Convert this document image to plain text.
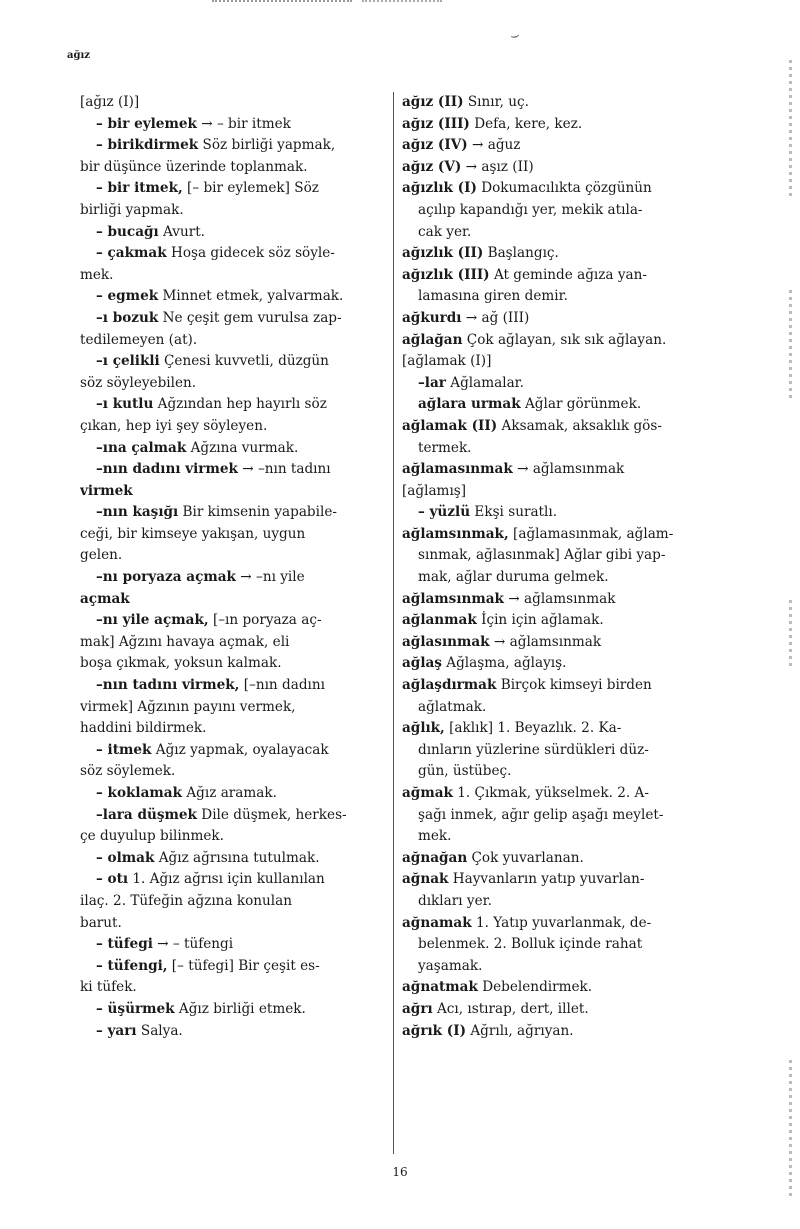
⌣
ağız
[ağız (I)]
– bir eylemek → – bir itmek
– birikdirmek Söz birliği yapmak,
bir düşünce üzerinde toplanmak.
– bir itmek, [– bir eylemek] Söz
birliği yapmak.
– bucağı Avurt.
– çakmak Hoşa gidecek söz söyle-
mek.
– egmek Minnet etmek, yalvarmak.
–ı bozuk Ne çeşit gem vurulsa zap-
tedilemeyen (at).
–ı çelikli Çenesi kuvvetli, düzgün
söz söyleyebilen.
–ı kutlu Ağzından hep hayırlı söz
çıkan, hep iyi şey söyleyen.
–ına çalmak Ağzına vurmak.
–nın dadını virmek → –nın tadını
virmek
–nın kaşığı Bir kimsenin yapabile-
ceği, bir kimseye yakışan, uygun
gelen.
–nı poryaza açmak → –nı yile
açmak
–nı yile açmak, [–ın poryaza aç-
mak] Ağzını havaya açmak, eli
boşa çıkmak, yoksun kalmak.
–nın tadını virmek, [–nın dadını
virmek] Ağzının payını vermek,
haddini bildirmek.
– itmek Ağız yapmak, oyalayacak
söz söylemek.
– koklamak Ağız aramak.
–lara düşmek Dile düşmek, herkes-
çe duyulup bilinmek.
– olmak Ağız ağrısına tutulmak.
– otı 1. Ağız ağrısı için kullanılan
ilaç. 2. Tüfeğin ağzına konulan
barut.
– tüfegi → – tüfengi
– tüfengi, [– tüfegi] Bir çeşit es-
ki tüfek.
– üşürmek Ağız birliği etmek.
– yarı Salya.
ağız (II) Sınır, uç.
ağız (III) Defa, kere, kez.
ağız (IV) → ağuz
ağız (V) → aşız (II)
ağızlık (I) Dokumacılıkta çözgünün
açılıp kapandığı yer, mekik atıla-
cak yer.
ağızlık (II) Başlangıç.
ağızlık (III) At geminde ağıza yan-
lamasına giren demir.
ağkurdı → ağ (III)
ağlağan Çok ağlayan, sık sık ağlayan.
[ağlamak (I)]
–lar Ağlamalar.
ağlara urmak Ağlar görünmek.
ağlamak (II) Aksamak, aksaklık gös-
termek.
ağlamasınmak → ağlamsınmak
[ağlamış]
– yüzlü Ekşi suratlı.
ağlamsınmak, [ağlamasınmak, ağlam-
sınmak, ağlasınmak] Ağlar gibi yap-
mak, ağlar duruma gelmek.
ağlamsınmak → ağlamsınmak
ağlanmak İçin için ağlamak.
ağlasınmak → ağlamsınmak
ağlaş Ağlaşma, ağlayış.
ağlaşdırmak Birçok kimseyi birden
ağlatmak.
ağlık, [aklık] 1. Beyazlık. 2. Ka-
dınların yüzlerine sürdükleri düz-
gün, üstübeç.
ağmak 1. Çıkmak, yükselmek. 2. A-
şağı inmek, ağır gelip aşağı meylet-
mek.
ağnağan Çok yuvarlanan.
ağnak Hayvanların yatıp yuvarlan-
dıkları yer.
ağnamak 1. Yatıp yuvarlanmak, de-
belenmek. 2. Bolluk içinde rahat
yaşamak.
ağnatmak Debelendirmek.
ağrı Acı, ıstırap, dert, illet.
ağrık (I) Ağrılı, ağrıyan.
16
